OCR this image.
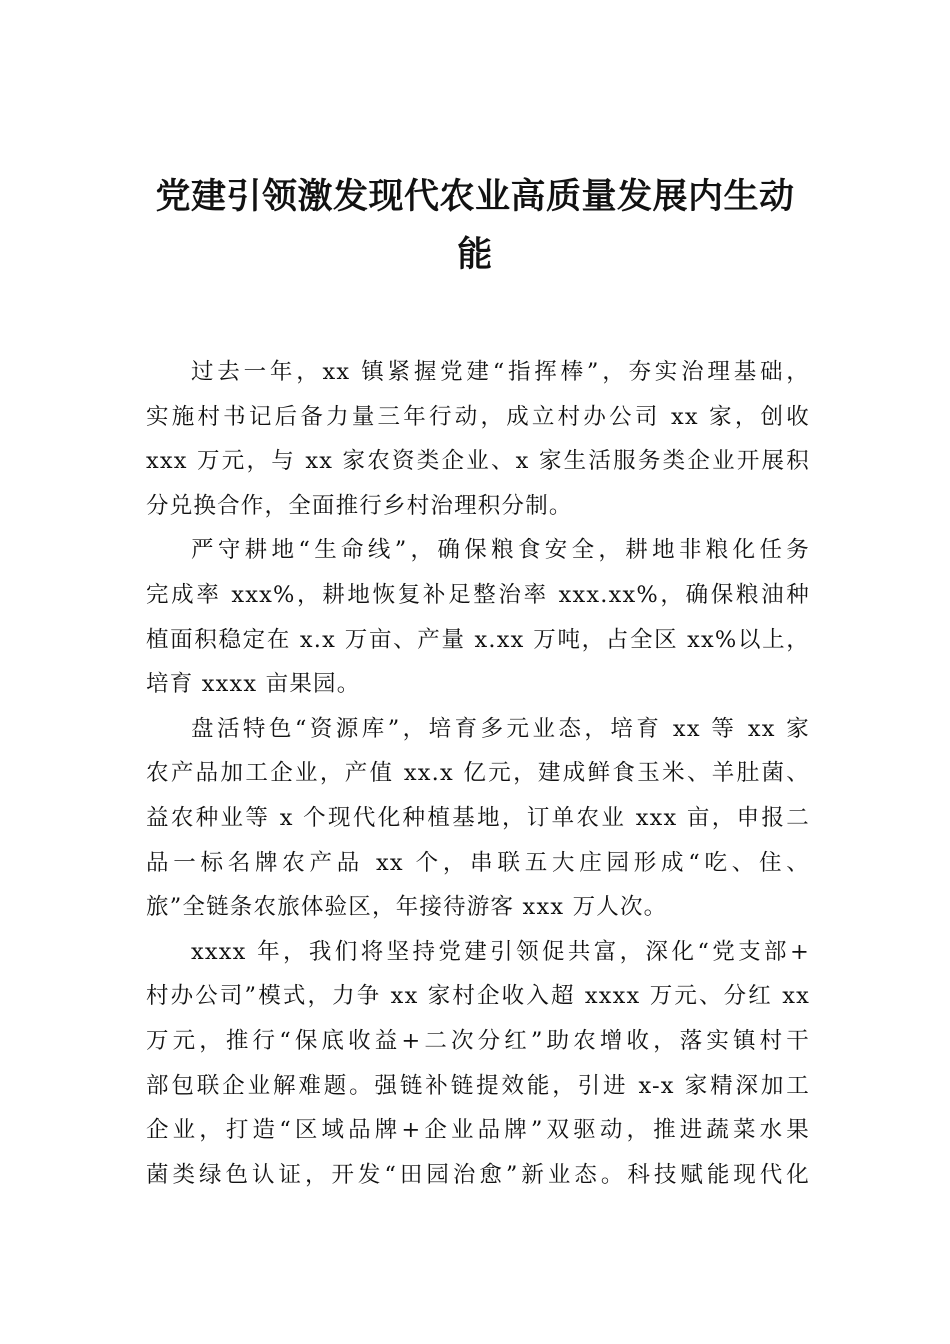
党建引领激发现代农业高质量发展内生动
能
过去一年，xx 镇紧握党建“指挥棒”，夯实治理基础，
实施村书记后备力量三年行动，成立村办公司 xx 家，创收
xxx 万元，与 xx 家农资类企业、x 家生活服务类企业开展积
分兑换合作，全面推行乡村治理积分制。
严守耕地“生命线”，确保粮食安全，耕地非粮化任务
完成率 xxx%，耕地恢复补足整治率 xxx.xx%，确保粮油种
植面积稳定在 x.x 万亩、产量 x.xx 万吨，占全区 xx%以上，
培育 xxxx 亩果园。
盘活特色“资源库”，培育多元业态，培育 xx 等 xx 家
农产品加工企业，产值 xx.x 亿元，建成鲜食玉米、羊肚菌、
益农种业等 x 个现代化种植基地，订单农业 xxx 亩，申报二
品一标名牌农产品 xx 个，串联五大庄园形成“吃、住、
旅”全链条农旅体验区，年接待游客 xxx 万人次。
xxxx 年，我们将坚持党建引领促共富，深化“党支部+
村办公司”模式，力争 xx 家村企收入超 xxxx 万元、分红 xx
万元，推行“保底收益+二次分红”助农增收，落实镇村干
部包联企业解难题。强链补链提效能，引进 x-x 家精深加工
企业，打造“区域品牌+企业品牌”双驱动，推进蔬菜水果
菌类绿色认证，开发“田园治愈”新业态。科技赋能现代化
